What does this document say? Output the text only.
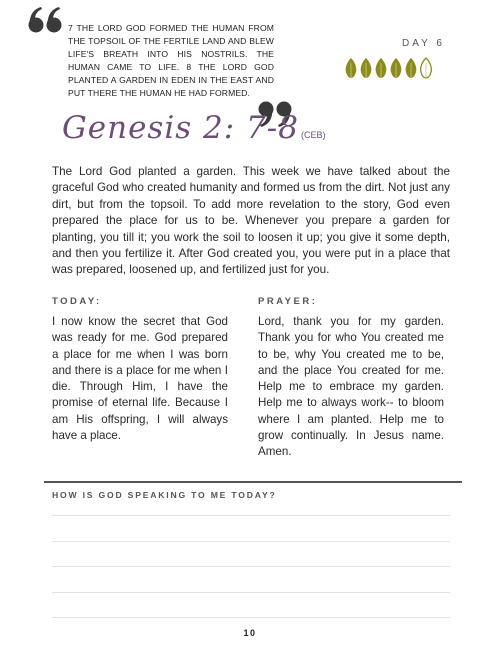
7 THE LORD GOD FORMED THE HUMAN FROM THE TOPSOIL OF THE FERTILE LAND AND BLEW LIFE'S BREATH INTO HIS NOSTRILS. THE HUMAN CAME TO LIFE. 8 THE LORD GOD PLANTED A GARDEN IN EDEN IN THE EAST AND PUT THERE THE HUMAN HE HAD FORMED.
Genesis 2: 7-8 (CEB)
DAY 6
The Lord God planted a garden. This week we have talked about the graceful God who created humanity and formed us from the dirt. Not just any dirt, but from the topsoil. To add more revelation to the story, God even prepared the place for us to be. Whenever you prepare a garden for planting, you till it; you work the soil to loosen it up; you give it some depth, and then you fertilize it. After God created you, you were put in a place that was prepared, loosened up, and fertilized just for you.
TODAY:	PRAYER:
I now know the secret that God was ready for me. God prepared a place for me when I was born and there is a place for me when I die. Through Him, I have the promise of eternal life. Because I am His offspring, I will always have a place.
Lord, thank you for my garden. Thank you for who You created me to be, why You created me to be, and the place You created for me. Help me to embrace my garden. Help me to always work-- to bloom where I am planted. Help me to grow continually. In Jesus name. Amen.
HOW IS GOD SPEAKING TO ME TODAY?
10
